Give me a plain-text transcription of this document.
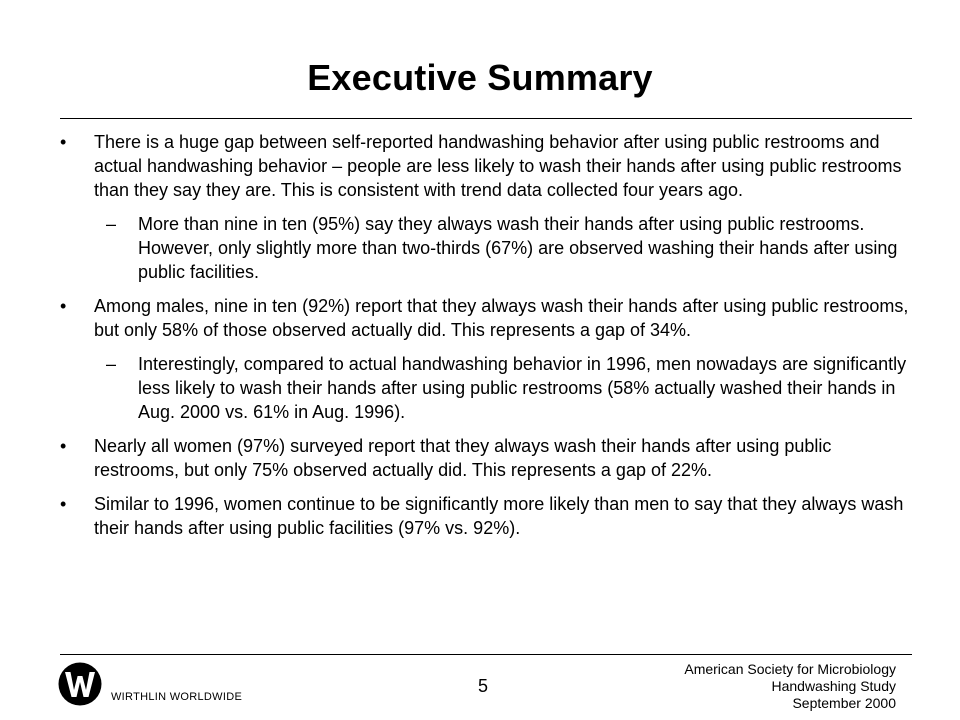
Executive Summary
•	There is a huge gap between self-reported handwashing behavior after using public restrooms and actual handwashing behavior – people are less likely to wash their hands after using public restrooms than they say they are. This is consistent with trend data collected four years ago.
–	More than nine in ten (95%) say they always wash their hands after using public restrooms. However, only slightly more than two-thirds (67%) are observed washing their hands after using public facilities.
•	Among males, nine in ten (92%) report that they always wash their hands after using public restrooms, but only 58% of those observed actually did. This represents a gap of 34%.
–	Interestingly, compared to actual handwashing behavior in 1996, men nowadays are significantly less likely to wash their hands after using public restrooms (58% actually washed their hands in Aug. 2000 vs. 61% in Aug. 1996).
•	Nearly all women (97%) surveyed report that they always wash their hands after using public restrooms, but only 75% observed actually did. This represents a gap of 22%.
•	Similar to 1996, women continue to be significantly more likely than men to say that they always wash their hands after using public facilities (97% vs. 92%).
WIRTHLIN WORLDWIDE
5
American Society for Microbiology
Handwashing Study
September 2000
